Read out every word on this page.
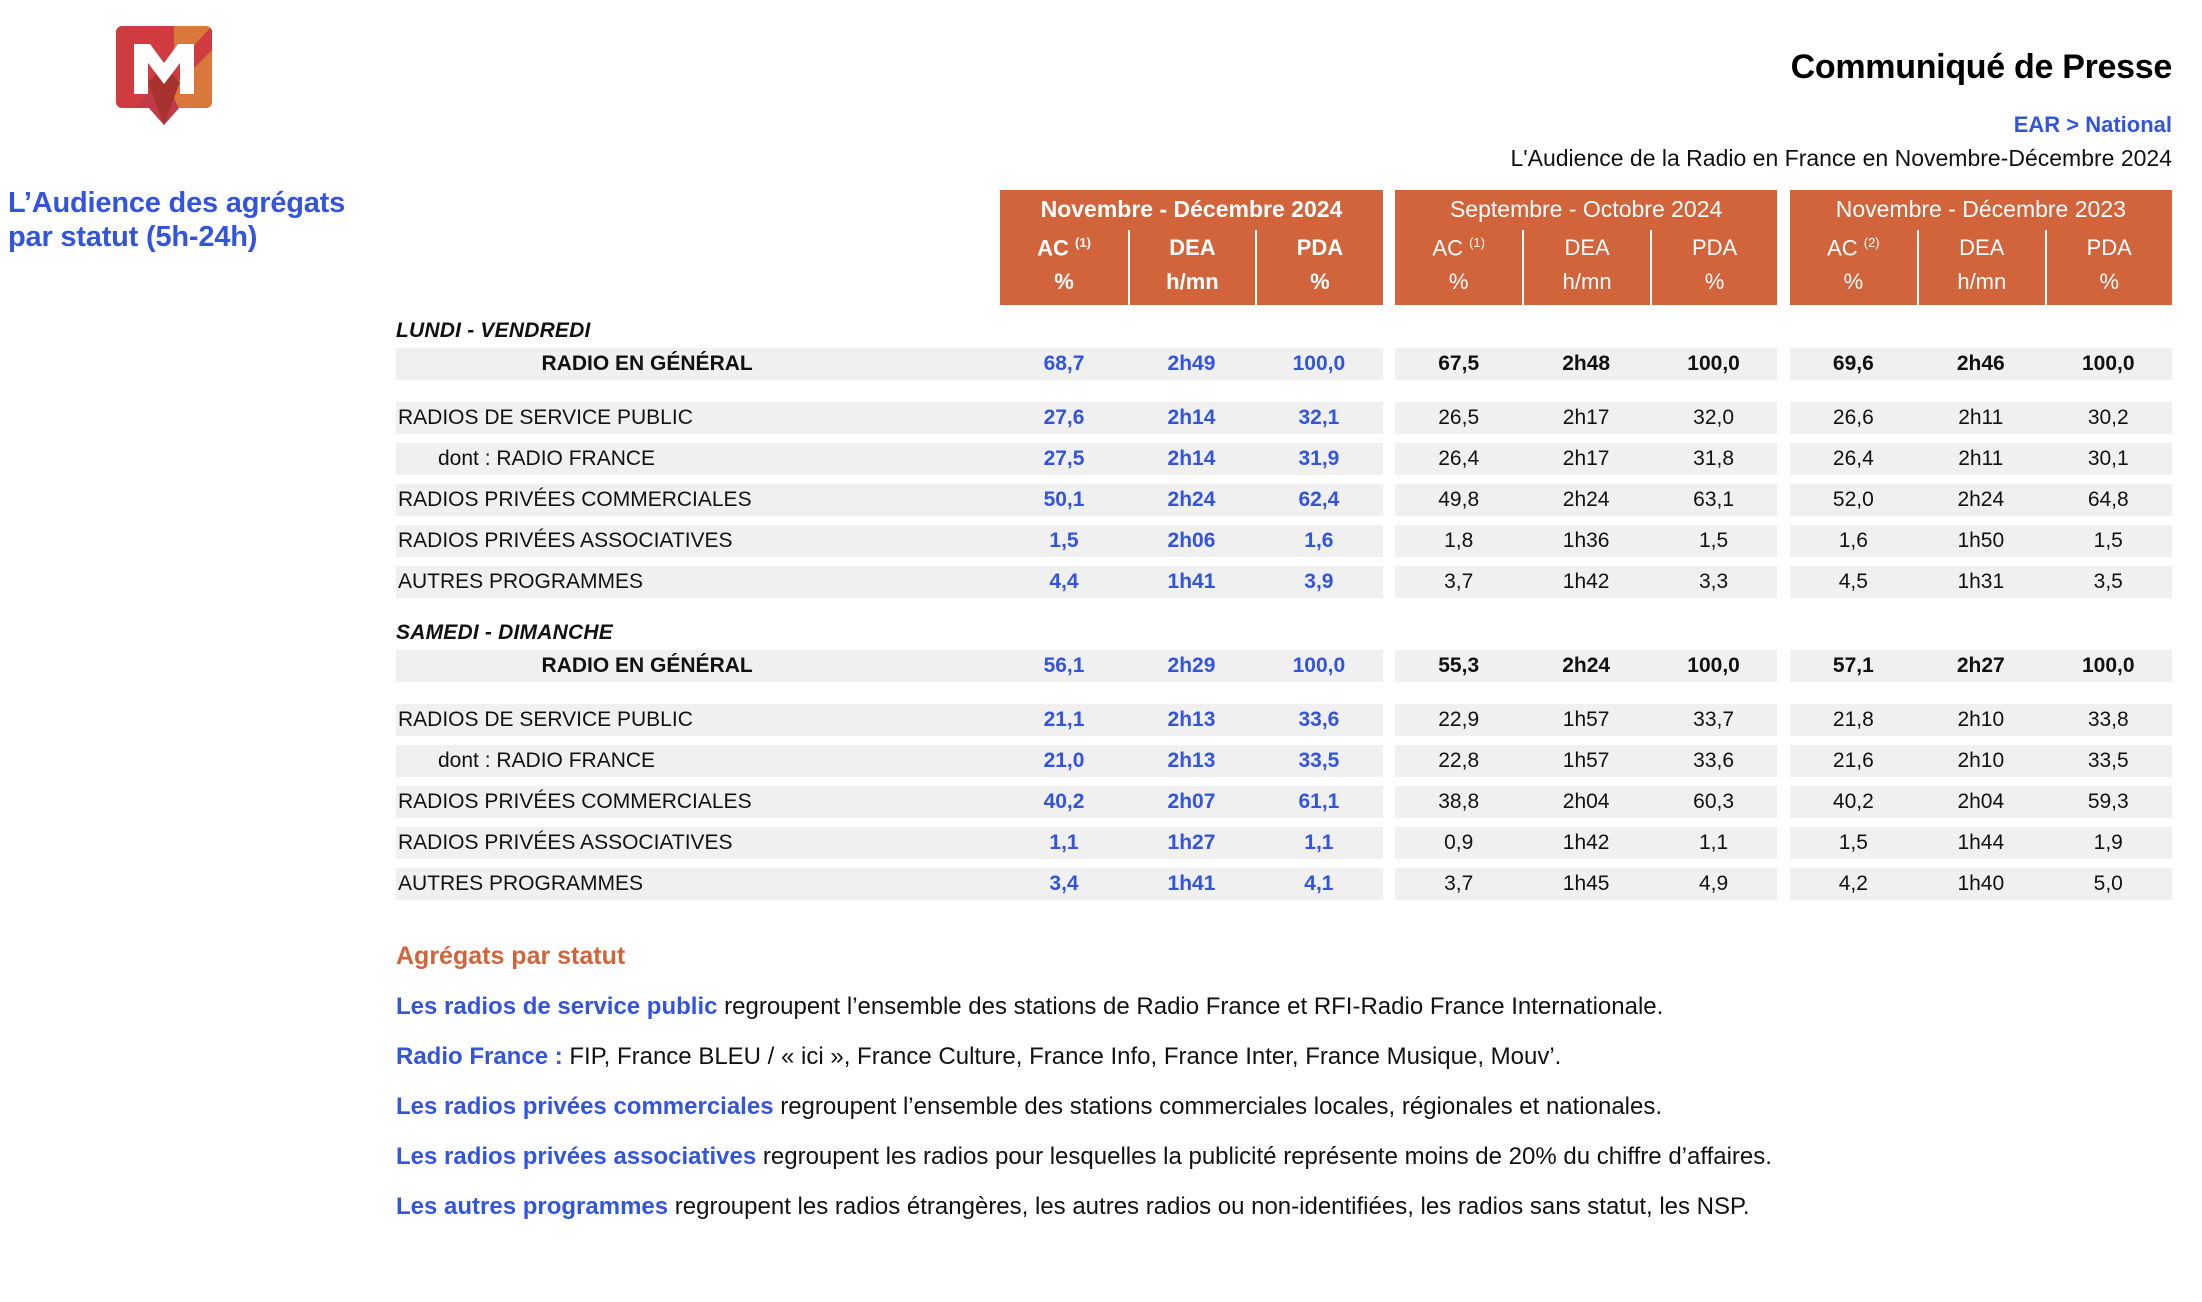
L’Audience des agrégats par statut (5h-24h)
Communiqué de Presse
EAR > National
L'Audience de la Radio en France en Novembre-Décembre 2024
	Novembre - Décembre 2024				Septembre - Octobre 2024				Novembre - Décembre 2023		
	AC $^{(1)}$	DEA	PDA		AC $^{(1)}$	DEA	PDA		AC $^{(2)}$	DEA	PDA
	%	h/mn	%		%	h/mn	%		%	h/mn	%
LUNDI - VENDREDI											
RADIO EN GÉNÉRAL	68,7	2h49	100,0		67,5	2h48	100,0		69,6	2h46	100,0

RADIOS DE SERVICE PUBLIC	27,6	2h14	32,1		26,5	2h17	32,0		26,6	2h11	30,2

dont : RADIO FRANCE	27,5	2h14	31,9		26,4	2h17	31,8		26,4	2h11	30,1

RADIOS PRIVÉES COMMERCIALES	50,1	2h24	62,4		49,8	2h24	63,1		52,0	2h24	64,8

RADIOS PRIVÉES ASSOCIATIVES	1,5	2h06	1,6		1,8	1h36	1,5		1,6	1h50	1,5

AUTRES PROGRAMMES	4,4	1h41	3,9		3,7	1h42	3,3		4,5	1h31	3,5

SAMEDI - DIMANCHE											
RADIO EN GÉNÉRAL	56,1	2h29	100,0		55,3	2h24	100,0		57,1	2h27	100,0

RADIOS DE SERVICE PUBLIC	21,1	2h13	33,6		22,9	1h57	33,7		21,8	2h10	33,8

dont : RADIO FRANCE	21,0	2h13	33,5		22,8	1h57	33,6		21,6	2h10	33,5

RADIOS PRIVÉES COMMERCIALES	40,2	2h07	61,1		38,8	2h04	60,3		40,2	2h04	59,3

RADIOS PRIVÉES ASSOCIATIVES	1,1	1h27	1,1		0,9	1h42	1,1		1,5	1h44	1,9

AUTRES PROGRAMMES	3,4	1h41	4,1		3,7	1h45	4,9		4,2	1h40	5,0

Agrégats par statut
Les radios de service public regroupent l’ensemble des stations de Radio France et RFI-Radio France Internationale.
Radio France : FIP, France BLEU / « ici », France Culture, France Info, France Inter, France Musique, Mouv’.
Les radios privées commerciales regroupent l’ensemble des stations commerciales locales, régionales et nationales.
Les radios privées associatives regroupent les radios pour lesquelles la publicité représente moins de 20% du chiffre d’affaires.
Les autres programmes regroupent les radios étrangères, les autres radios ou non-identifiées, les radios sans statut, les NSP.
